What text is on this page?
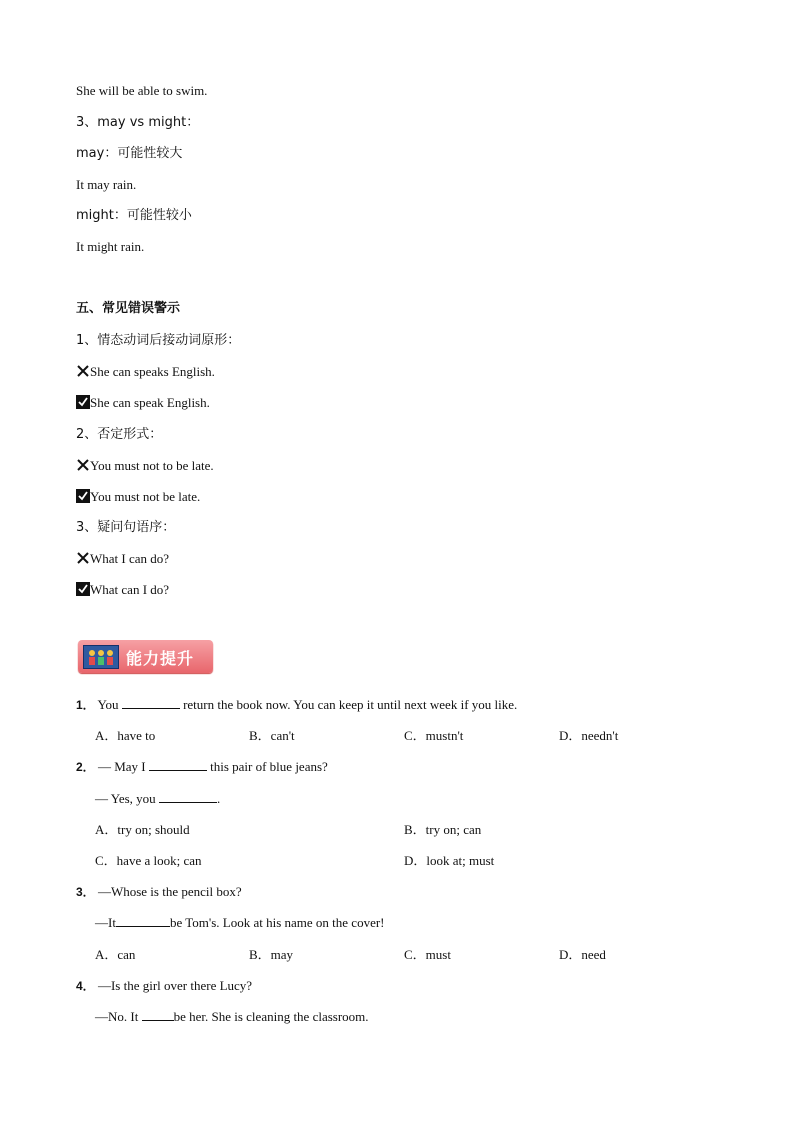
She will be able to swim.
3、may vs might：
may：可能性较大
It may rain.
might：可能性较小
It might rain.
五、常见错误警示
1、情态动词后接动词原形：
She can speaks English.
She can speak English.
2、否定形式：
You must not to be late.
You must not be late.
3、疑问句语序：
What I can do?
What can I do?
能力提升
1． You	return the book now. You can keep it until next week if you like.
A．have to	B．can't	C．mustn't	D．needn't
2． — May I	this pair of blue jeans?
— Yes, you	.
A．try on; should	B．try on; can
C．have a look; can	D．look at; must
3． —Whose is the pencil box?
—It	be Tom's. Look at his name on the cover!
A．can	B．may	C．must	D．need
4． —Is the girl over there Lucy?
—No. It be her. She is cleaning the classroom.
